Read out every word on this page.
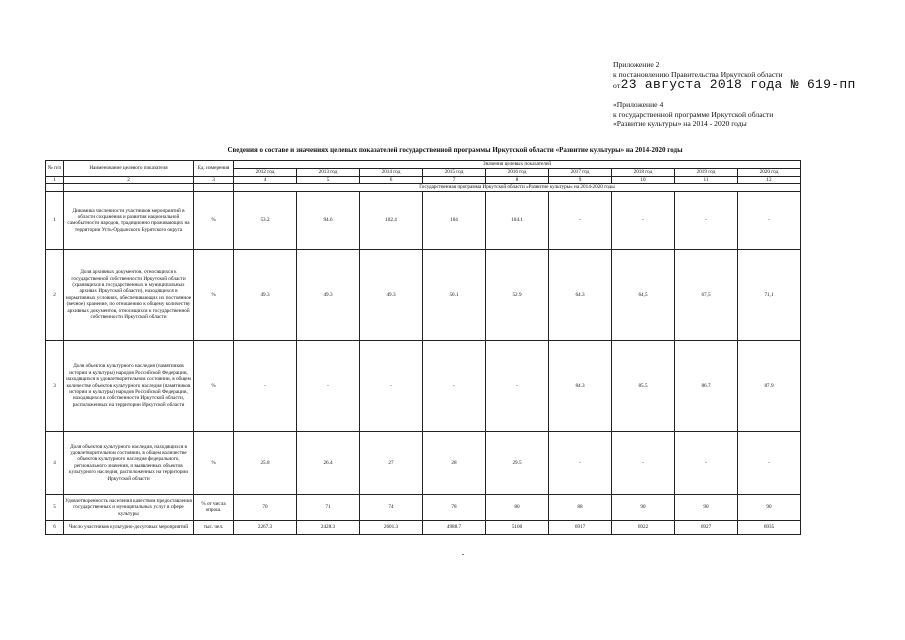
Приложение 2
к постановлению Правительства Иркутской области
от23 августа 2018 года № 619-пп
«Приложение 4
к государственной программе Иркутской области
«Развитие культуры» на 2014 - 2020 годы
Сведения о составе и значениях целевых показателей государственной программы Иркутской области «Развитие культуры» на 2014-2020 годы
№ п/п	Наименование целевого показателя	Ед. измерения	Значения целевых показателей								
			2012 год	2013 год	2014 год	2015 год	2016 год	2017 год	2018 год	2019 год	2020 год
1	2	3	4	5	6	7	8	9	10	11	12
			Государственная программа Иркутской области «Развитие культуры» на 2014-2020 годы								
1	Динамика численности участников мероприятий в области сохранения и развития национальной самобытности народов, традиционно проживающих на территории Усть-Ордынского Бурятского округа	%	53.2	94.6	102.4	104	104.1	-	-	-	-
2	Доля архивных документов, относящихся к государственной собственности Иркутской области (хранящихся в государственных и муниципальных архивах Иркутской области), находящихся в нормативных условиях, обеспечивающих их постоянное (вечное) хранение, по отношению к общему количеству архивных документов, относящихся к государственной собственности Иркутской области	%	49.3	49.3	49.3	50.1	52.9	64.3	64,5	67,5	71,1
3	Доля объектов культурного наследия (памятников истории и культуры) народов Российской Федерации, находящихся в удовлетворительном состоянии, в общем количестве объектов культурного наследия (памятников истории и культуры) народов Российской Федерации, находящихся в собственности Иркутской области, расположенных на территории Иркутской области	%	-	-	-	-	-	84.3	85.5	86.7	87.9
4	Доля объектов культурного наследия, находящихся в удовлетворительном состоянии, в общем количестве объектов культурного наследия федерального, регионального значения, и выявленных объектов культурного наследия, расположенных на территории Иркутской области	%	25.8	26.4	27	28	29.5	-	-	-	-
5	Удовлетворенность населения качеством предоставления государственных и муниципальных услуг в сфере культуры	% от числа опрош.	70	71	74	78	80	88	90	90	90
6	Число участников культурно-досуговых мероприятий	тыс. чел.	2267.3	2428.3	2601.3	4988.7	5100	6917	6922	6927	6935
